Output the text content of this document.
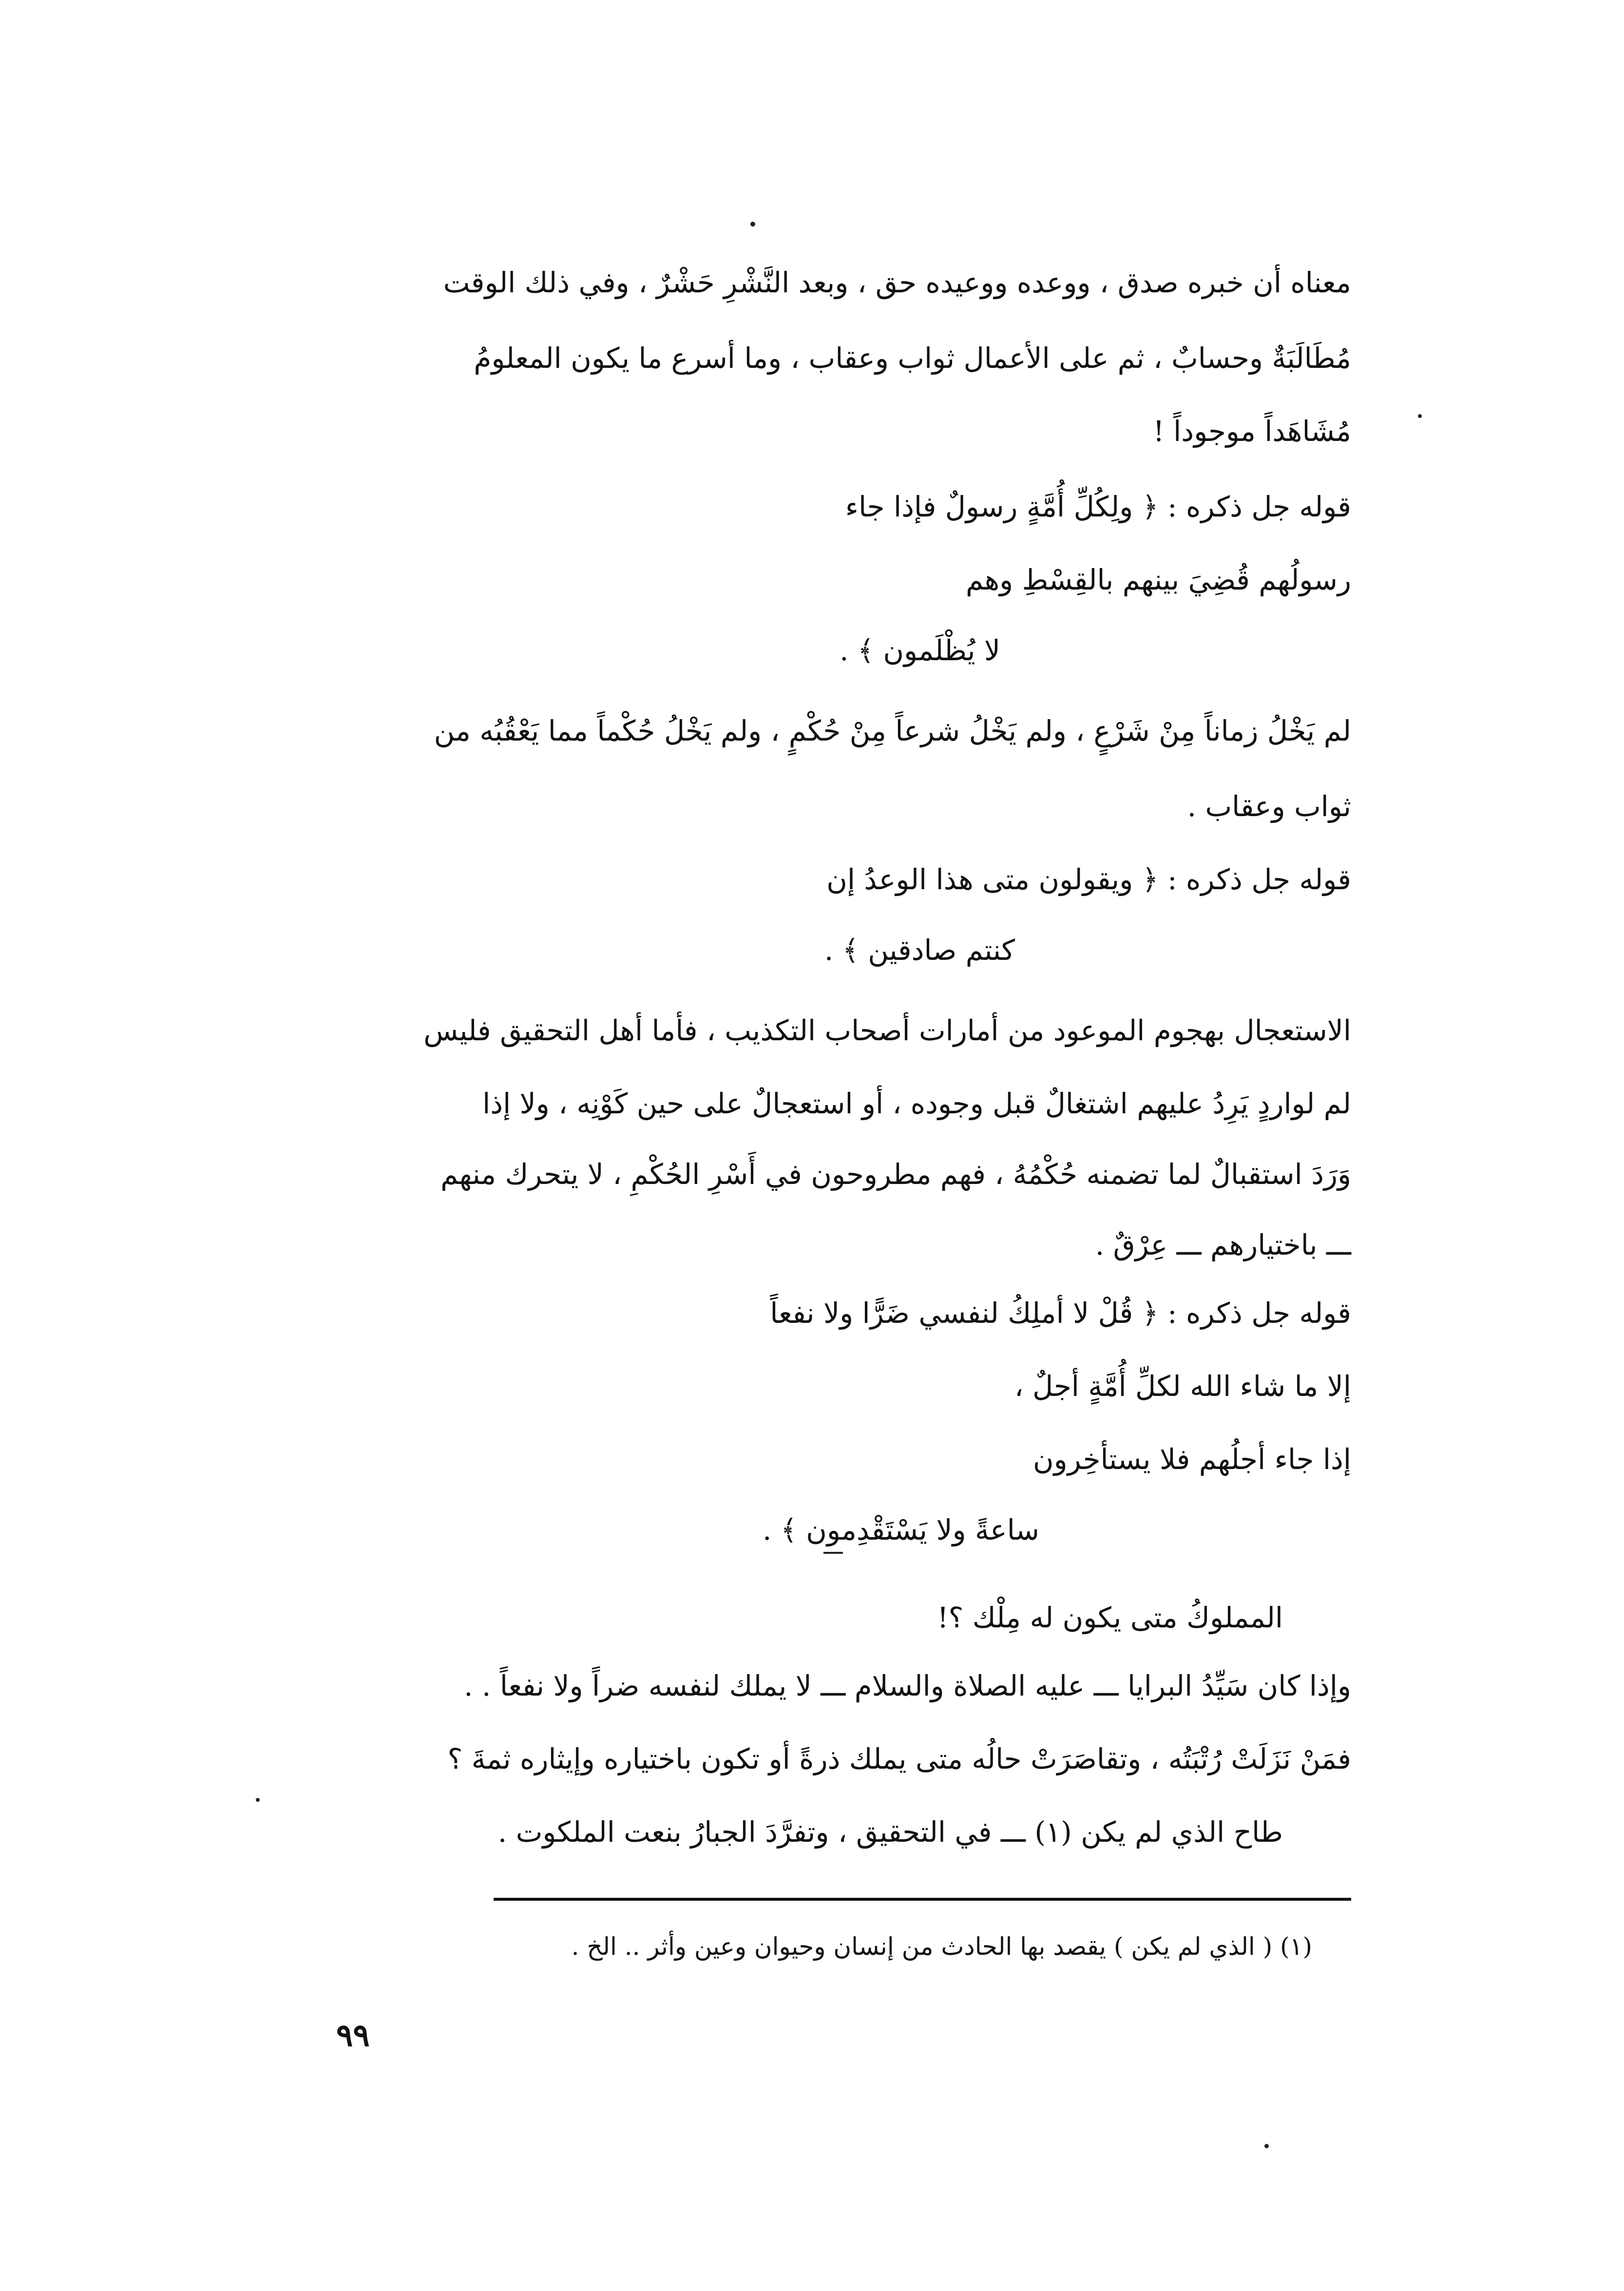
معناه أن خبره صدق ، ووعده ووعيده حق ، وبعد النَّشْرِ حَشْرٌ ، وفي ذلك الوقت
مُطَالَبَةٌ وحسابٌ ، ثم على الأعمال ثواب وعقاب ، وما أسرع ما يكون المعلومُ
مُشَاهَداً موجوداً !
قوله جل ذكره : ﴿ ولِكُلِّ أُمَّةٍ رسولٌ فإذا جاء
رسولُهم قُضِيَ بينهم بالقِسْطِ وهم
لا يُظْلَمون ﴾ .
لم يَخْلُ زماناً مِنْ شَرْعٍ ، ولم يَخْلُ شرعاً مِنْ حُكْمٍ ، ولم يَخْلُ حُكْماً مما يَعْقُبُه من
ثواب وعقاب .
قوله جل ذكره : ﴿ ويقولون متى هذا الوعدُ إن
كنتم صادقين ﴾ .
الاستعجال بهجوم الموعود من أمارات أصحاب التكذيب ، فأما أهل التحقيق فليس
لم لواردٍ يَرِدُ عليهم اشتغالٌ قبل وجوده ، أو استعجالٌ على حين كَوْنِه ، ولا إذا
وَرَدَ استقبالٌ لما تضمنه حُكْمُهُ ، فهم مطروحون في أَسْرِ الحُكْمِ ، لا يتحرك منهم
ـــ باختيارهم ـــ عِرْقٌ .
قوله جل ذكره : ﴿ قُلْ لا أملِكُ لنفسي ضَرًّا ولا نفعاً
إلا ما شاء الله لكلِّ أُمَّةٍ أجلٌ ،
إذا جاء أجلُهم فلا يستأخِرون
ساعةً ولا يَسْتَقْدِمون ﴾ .
المملوكُ متى يكون له مِلْك ؟!
وإذا كان سَيِّدُ البرايا ـــ عليه الصلاة والسلام ـــ لا يملك لنفسه ضراً ولا نفعاً . .
فمَنْ نَزَلَتْ رُتْبَتُه ، وتقاصَرَتْ حالُه متى يملك ذرةً أو تكون باختياره وإيثاره ثمةَ ؟
طاح الذي لم يكن (١) ـــ في التحقيق ، وتفرَّدَ الجبارُ بنعت الملكوت .
(١) ( الذي لم يكن ) يقصد بها الحادث من إنسان وحيوان وعين وأثر .. الخ .
٩٩
